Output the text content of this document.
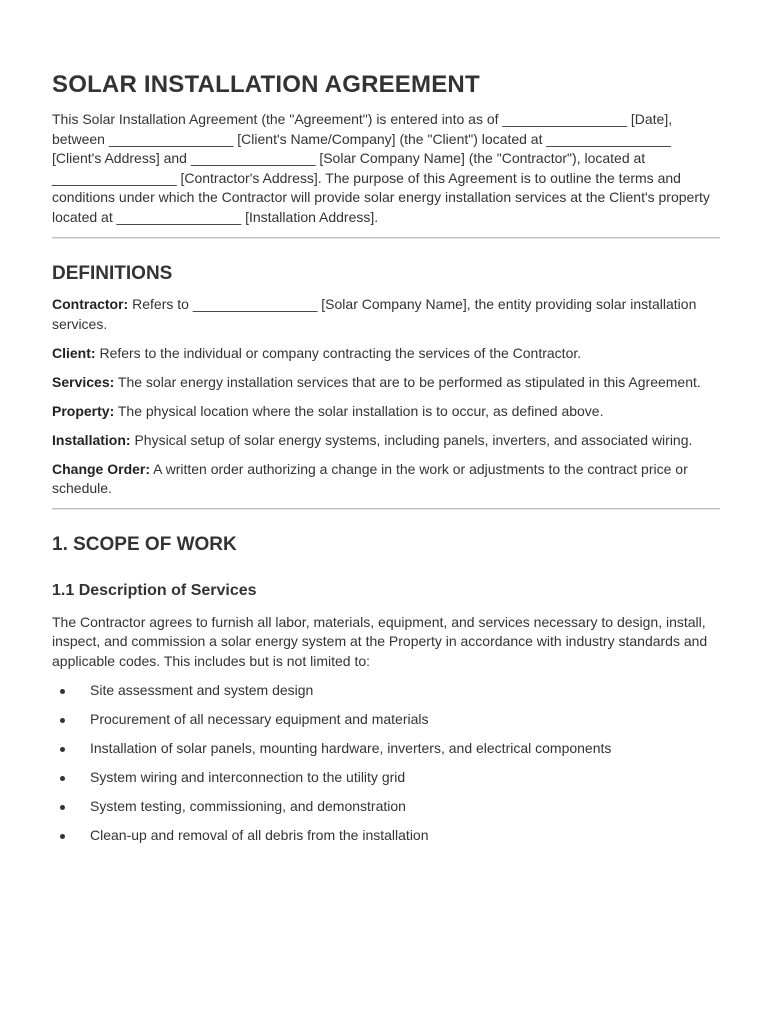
SOLAR INSTALLATION AGREEMENT

This Solar Installation Agreement (the "Agreement") is entered into as of ________________ [Date], between ________________ [Client's Name/Company] (the "Client") located at ________________ [Client's Address] and ________________ [Solar Company Name] (the "Contractor"), located at ________________ [Contractor's Address]. The purpose of this Agreement is to outline the terms and conditions under which the Contractor will provide solar energy installation services at the Client's property located at ________________ [Installation Address].

DEFINITIONS

Contractor: Refers to ________________ [Solar Company Name], the entity providing solar installation services.

Client: Refers to the individual or company contracting the services of the Contractor.

Services: The solar energy installation services that are to be performed as stipulated in this Agreement.

Property: The physical location where the solar installation is to occur, as defined above.

Installation: Physical setup of solar energy systems, including panels, inverters, and associated wiring.

Change Order: A written order authorizing a change in the work or adjustments to the contract price or schedule.

1. SCOPE OF WORK
1.1 Description of Services

The Contractor agrees to furnish all labor, materials, equipment, and services necessary to design, install, inspect, and commission a solar energy system at the Property in accordance with industry standards and applicable codes. This includes but is not limited to:

Site assessment and system design
Procurement of all necessary equipment and materials
Installation of solar panels, mounting hardware, inverters, and electrical components
System wiring and interconnection to the utility grid
System testing, commissioning, and demonstration
Clean-up and removal of all debris from the installation
